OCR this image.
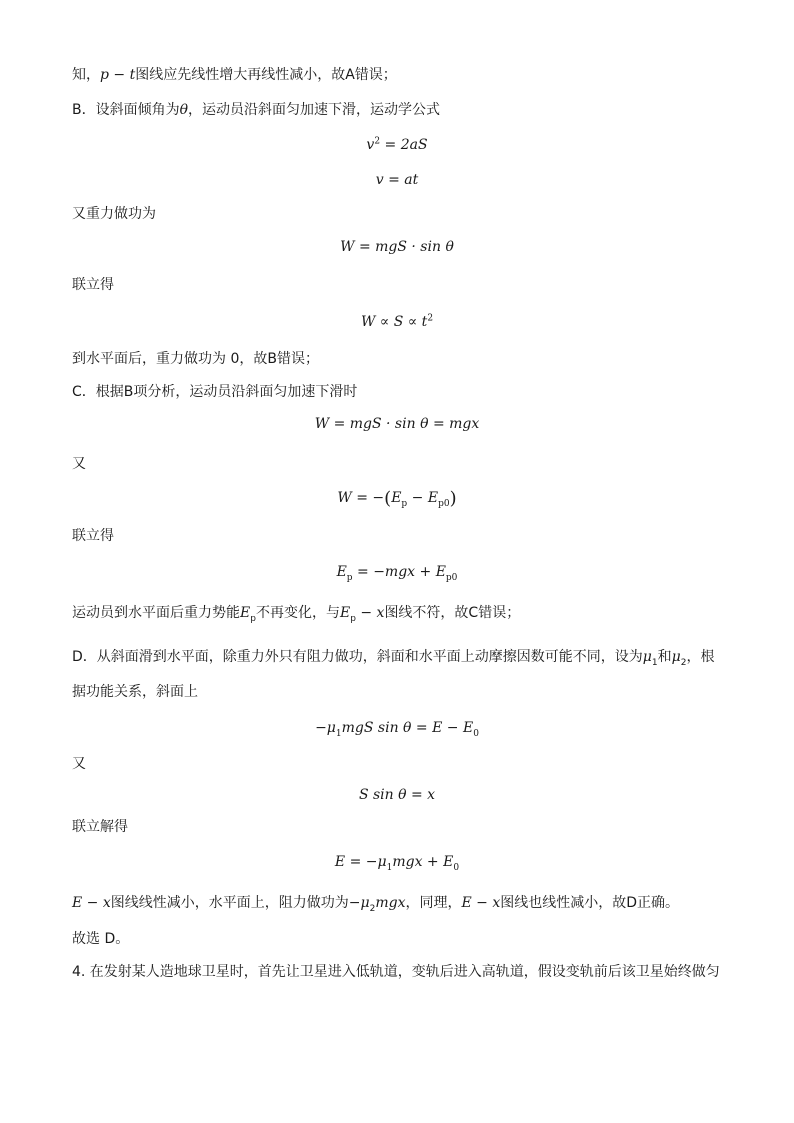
知，p − t图线应先线性增大再线性减小，故A错误；
B．设斜面倾角为θ，运动员沿斜面匀加速下滑，运动学公式
$v^2 = 2aS$
v = at
又重力做功为
W = mgS · sin θ
联立得
$W \propto S \propto t^2$
到水平面后，重力做功为 0，故B错误；
C．根据B项分析，运动员沿斜面匀加速下滑时
W = mgS · sin θ = mgx
又
$W = -(E_p - E_{p0})$
联立得
$E_p = -mgx + E_{p0}$
运动员到水平面后重力势能$E_p$不再变化，与$E_p - x$图线不符，故C错误；
D．从斜面滑到水平面，除重力外只有阻力做功，斜面和水平面上动摩擦因数可能不同，设为$\mu_1$和$\mu_2$，根
据功能关系，斜面上
$-\mu_1mgS$ $\sin \theta = E - E_0$
又
S sin θ = x
联立解得
$E = -\mu_1mgx + E_0$
E − x图线线性减小，水平面上，阻力做功为$-\mu_2mgx$，同理，E − x图线也线性减小，故D正确。
故选 D。
4. 在发射某人造地球卫星时，首先让卫星进入低轨道，变轨后进入高轨道，假设变轨前后该卫星始终做匀
